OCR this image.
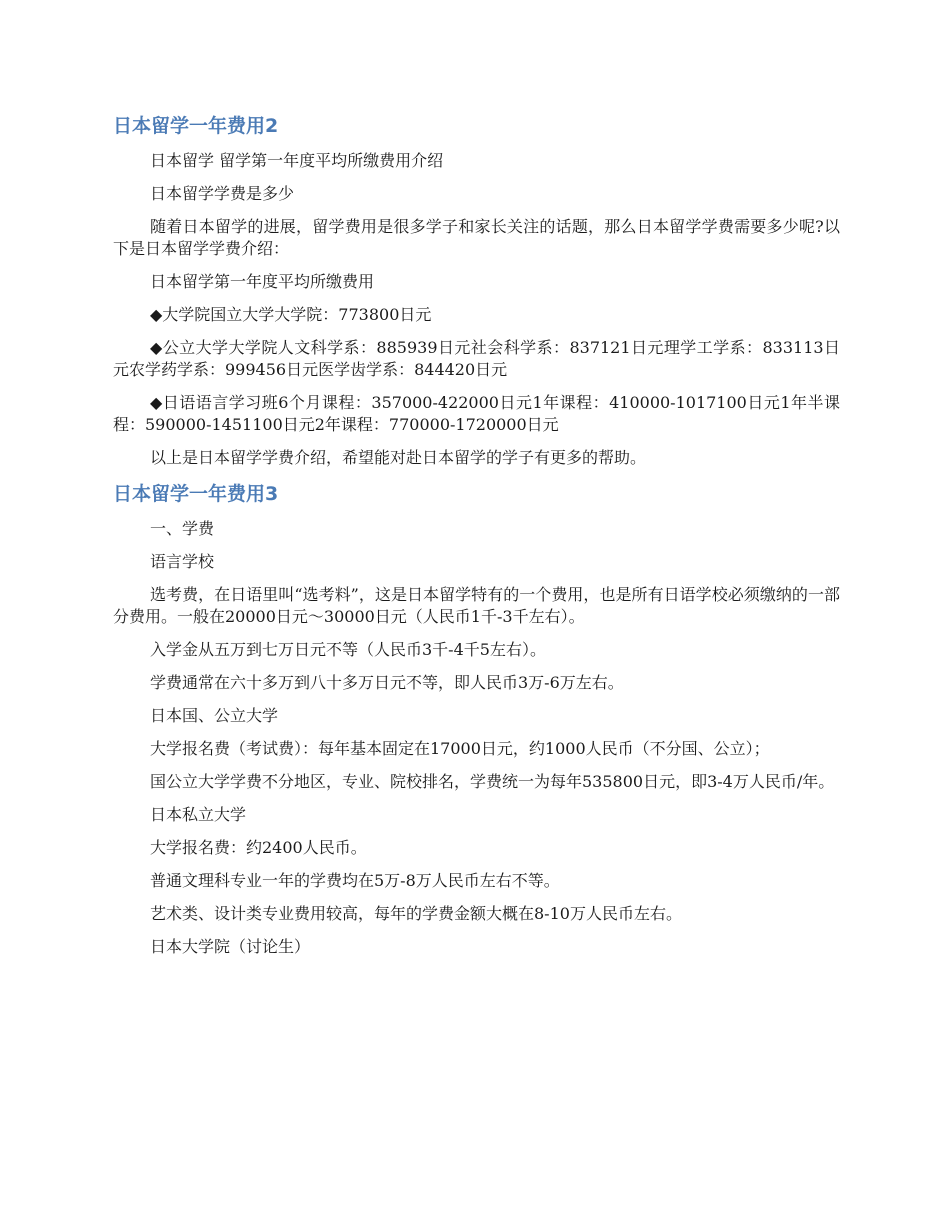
日本留学一年费用2

日本留学 留学第一年度平均所缴费用介绍

日本留学学费是多少

随着日本留学的进展，留学费用是很多学子和家长关注的话题，那么日本留学学费需要多少呢?以下是日本留学学费介绍：

日本留学第一年度平均所缴费用

◆大学院国立大学大学院：773800日元

◆公立大学大学院人文科学系：885939日元社会科学系：837121日元理学工学系：833113日元农学药学系：999456日元医学齿学系：844420日元

◆日语语言学习班6个月课程：357000-422000日元1年课程：410000-1017100日元1年半课程：590000-1451100日元2年课程：770000-1720000日元

以上是日本留学学费介绍，希望能对赴日本留学的学子有更多的帮助。

日本留学一年费用3

一、学费

语言学校

选考费，在日语里叫“选考料”，这是日本留学特有的一个费用，也是所有日语学校必须缴纳的一部分费用。一般在20000日元～30000日元（人民币1千-3千左右）。

入学金从五万到七万日元不等（人民币3千-4千5左右）。

学费通常在六十多万到八十多万日元不等，即人民币3万-6万左右。

日本国、公立大学

大学报名费（考试费）：每年基本固定在17000日元，约1000人民币（不分国、公立）；

国公立大学学费不分地区，专业、院校排名，学费统一为每年535800日元，即3-4万人民币/年。

日本私立大学

大学报名费：约2400人民币。

普通文理科专业一年的学费均在5万-8万人民币左右不等。

艺术类、设计类专业费用较高，每年的学费金额大概在8-10万人民币左右。

日本大学院（讨论生）
